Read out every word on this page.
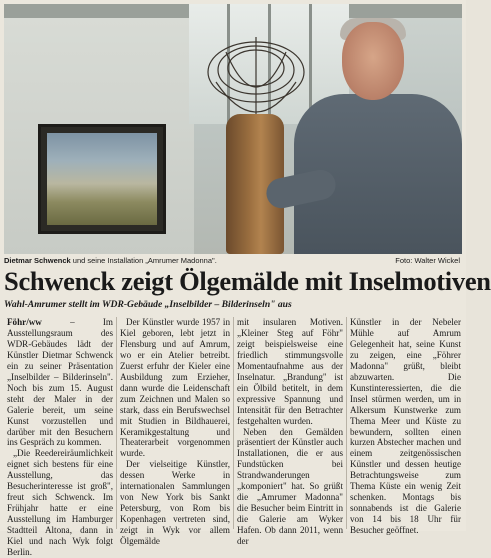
Dietmar Schwenck und seine Installation „Amrumer Madonna".	Foto: Walter Wickel
Schwenck zeigt Ölgemälde mit Inselmotiven
Wahl-Amrumer stellt im WDR-Gebäude „Inselbilder – Bilderinseln" aus

Föhr/ww – Im Ausstellungsraum des WDR-Gebäudes lädt der Künstler Dietmar Schwenck ein zu seiner Präsentation „Inselbilder – Bilderinseln". Noch bis zum 15. August steht der Maler in der Galerie bereit, um seine Kunst vorzustellen und darüber mit den Besuchern ins Gespräch zu kommen.

„Die Reedereiräumlichkeit eignet sich bestens für eine Ausstellung, das Besucherinteresse ist groß", freut sich Schwenck. Im Frühjahr hatte er eine Ausstellung im Hamburger Stadtteil Altona, dann in Kiel und nach Wyk folgt Berlin.

Der Künstler wurde 1957 in Kiel geboren, lebt jetzt in Flensburg und auf Amrum, wo er ein Atelier betreibt. Zuerst erfuhr der Kieler eine Ausbildung zum Erzieher, dann wurde die Leidenschaft zum Zeichnen und Malen so stark, dass ein Berufswechsel mit Studien in Bildhauerei, Keramikgestaltung und Theaterarbeit vorgenommen wurde.

Der vielseitige Künstler, dessen Werke in internationalen Sammlungen von New York bis Sankt Petersburg, von Rom bis Kopenhagen vertreten sind, zeigt in Wyk vor allem Ölgemälde

mit insularen Motiven. „Kleiner Steg auf Föhr" zeigt beispielsweise eine friedlich stimmungsvolle Momentaufnahme aus der Inselnatur. „Brandung" ist ein Ölbild betitelt, in dem expressive Spannung und Intensität für den Betrachter festgehalten wurden.

Neben den Gemälden präsentiert der Künstler auch Installationen, die er aus Fundstücken bei Strandwanderungen „komponiert" hat. So grüßt die „Amrumer Madonna" die Besucher beim Eintritt in die Galerie am Wyker Hafen. Ob dann 2011, wenn der

Künstler in der Nebeler Mühle auf Amrum Gelegenheit hat, seine Kunst zu zeigen, eine „Föhrer Madonna" grüßt, bleibt abzuwarten. Die Kunstinteressierten, die die Insel stürmen werden, um in Alkersum Kunstwerke zum Thema Meer und Küste zu bewundern, sollten einen kurzen Abstecher machen und einem zeitgenössischen Künstler und dessen heutige Betrachtungsweise zum Thema Küste ein wenig Zeit schenken. Montags bis sonnabends ist die Galerie von 14 bis 18 Uhr für Besucher geöffnet.
